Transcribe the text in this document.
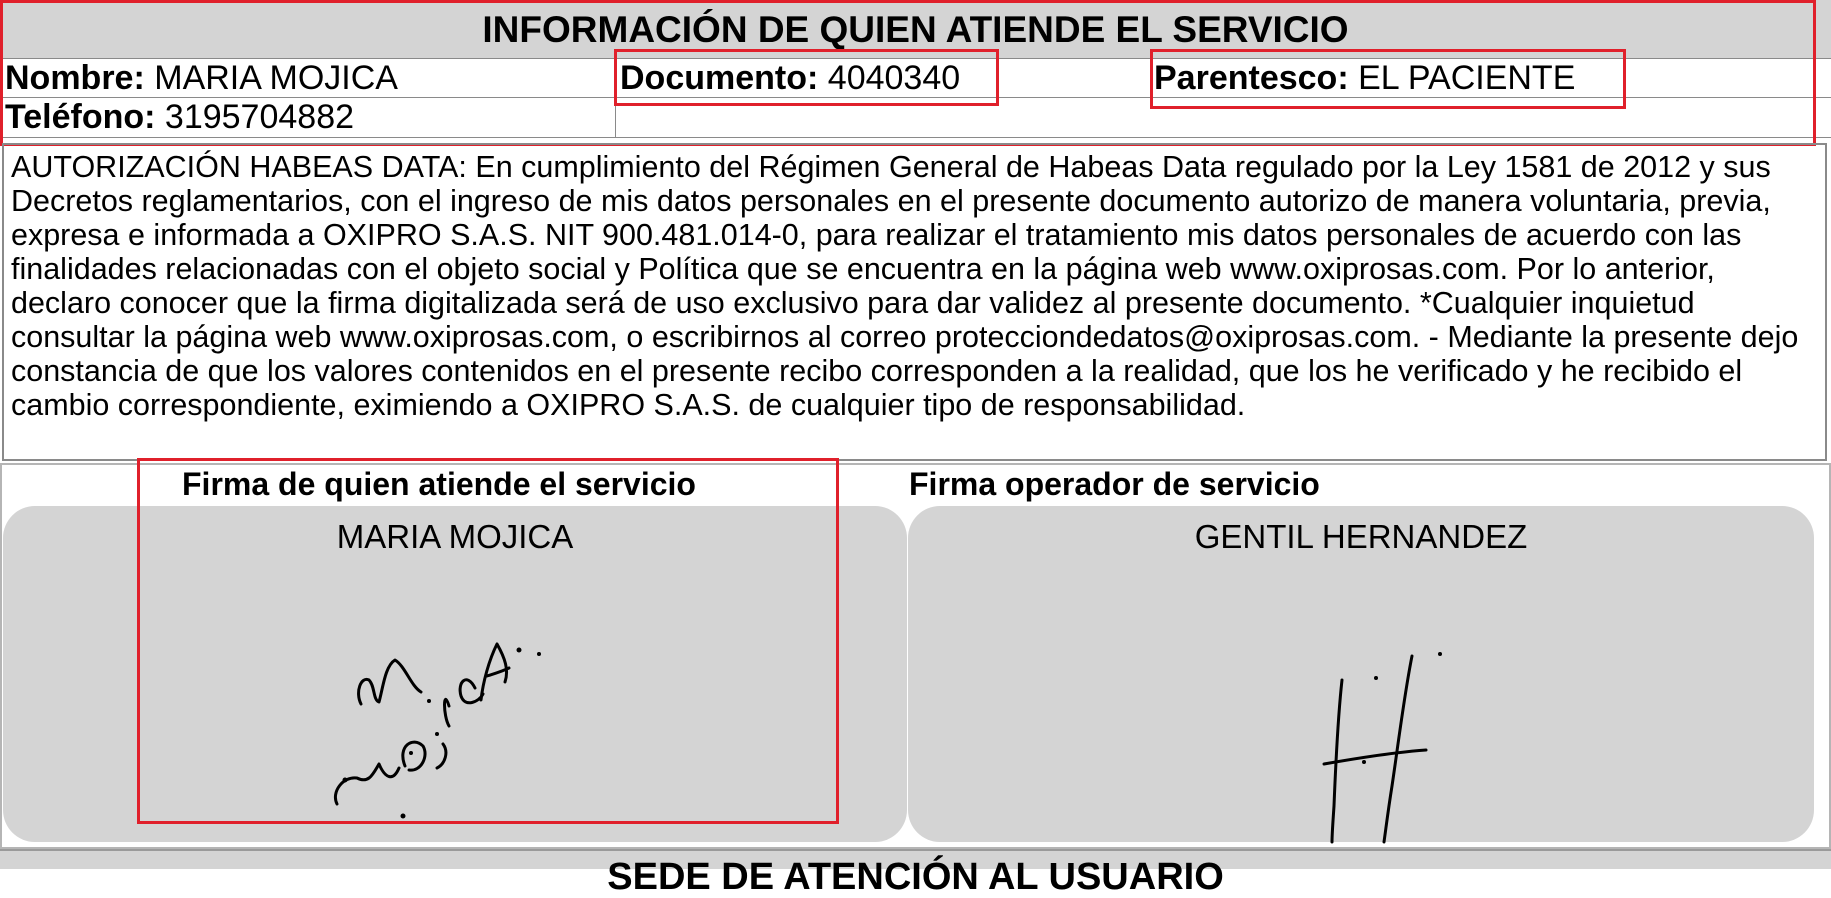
INFORMACIÓN DE QUIEN ATIENDE EL SERVICIO
Nombre: MARIA MOJICA	Documento: 4040340	Parentesco: EL PACIENTE
Teléfono: 3195704882
AUTORIZACIÓN HABEAS DATA: En cumplimiento del Régimen General de Habeas Data regulado por la Ley 1581 de 2012 y sus Decretos reglamentarios, con el ingreso de mis datos personales en el presente documento autorizo de manera voluntaria, previa, expresa e informada a OXIPRO S.A.S. NIT 900.481.014-0, para realizar el tratamiento mis datos personales de acuerdo con las finalidades relacionadas con el objeto social y Política que se encuentra en la página web www.oxiprosas.com. Por lo anterior, declaro conocer que la firma digitalizada será de uso exclusivo para dar validez al presente documento. *Cualquier inquietud consultar la página web www.oxiprosas.com, o escribirnos al correo protecciondedatos@oxiprosas.com. - Mediante la presente dejo constancia de que los valores contenidos en el presente recibo corresponden a la realidad, que los he verificado y he recibido el cambio correspondiente, eximiendo a OXIPRO S.A.S. de cualquier tipo de responsabilidad.
Firma de quien atiende el servicio	Firma operador de servicio
MARIA MOJICA	GENTIL HERNANDEZ
SEDE DE ATENCIÓN AL USUARIO
